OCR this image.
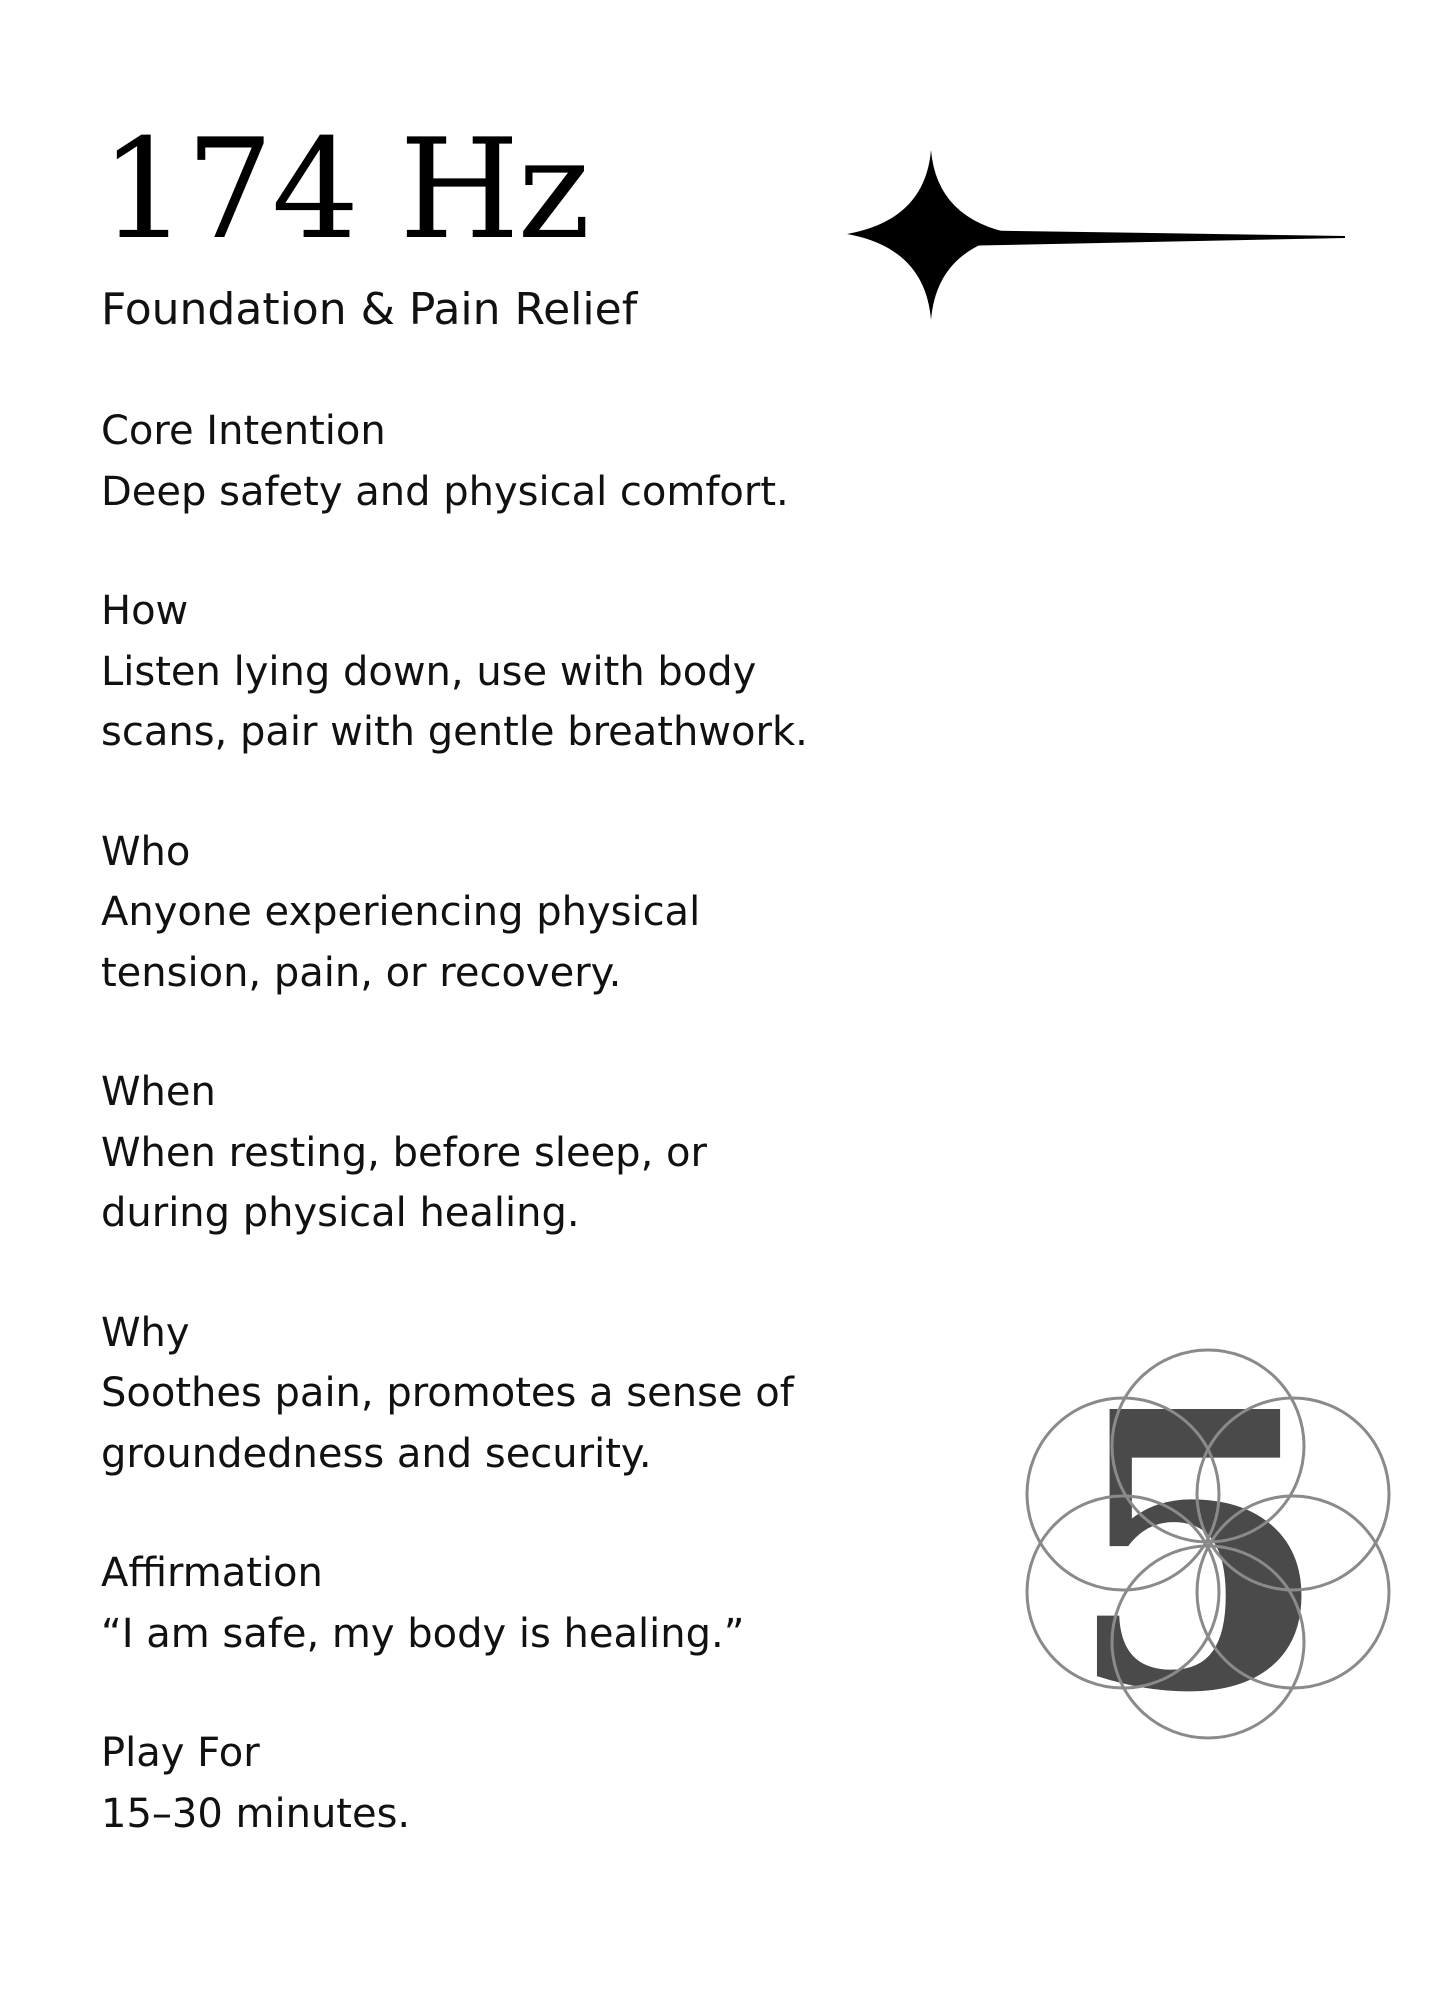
174 Hz
Foundation & Pain Relief
Core Intention
Deep safety and physical comfort.
How
Listen lying down, use with body
scans, pair with gentle breathwork.
Who
Anyone experiencing physical
tension, pain, or recovery.
When
When resting, before sleep, or
during physical healing.
Why
Soothes pain, promotes a sense of
groundedness and security.
Affirmation
“I am safe, my body is healing.”
Play For
15–30 minutes.
5
